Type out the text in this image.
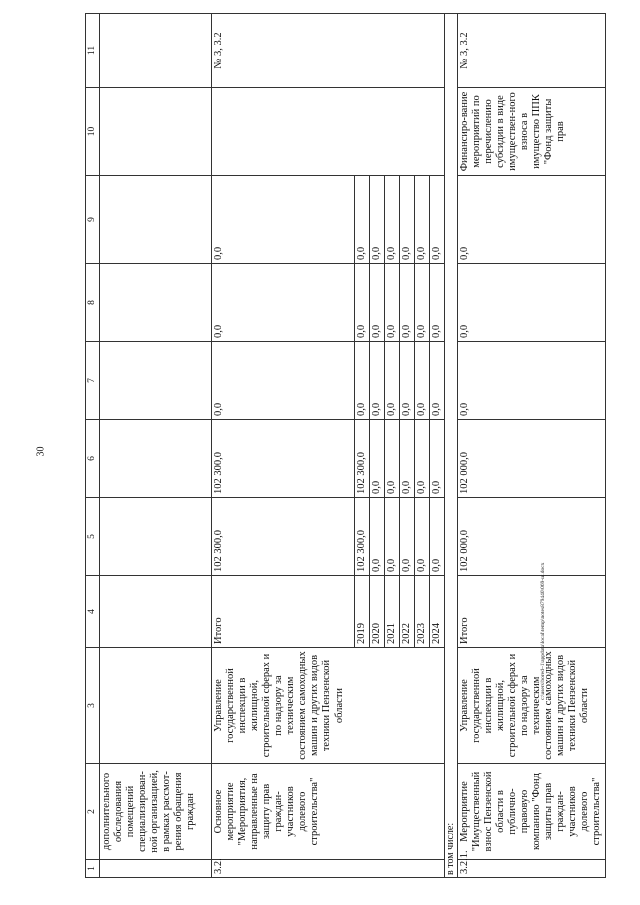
30
1	2	3	4	5	6	7	8	9	10	11
	дополнительного обследования помещений специализирован-ной организацией, в рамках рассмот-рения обращения граждан									
3.2.	Основное мероприятие "Мероприятия, направленные на защиту прав граждан-участников долевого строительства"	Управление государственной инспекции в жилищной, строительной сферах и по надзору за техническим состоянием самоходных машин и других видов техники Пензенской области	Итого	102 300,0	102 300,0	0,0	0,0	0,0		№ 3, 3.2
			2019	102 300,0	102 300,0	0,0	0,0	0,0		
			2020	0,0	0,0	0,0	0,0	0,0		
			2021	0,0	0,0	0,0	0,0	0,0		
			2022	0,0	0,0	0,0	0,0	0,0		
			2023	0,0	0,0	0,0	0,0	0,0		
			2024	0,0	0,0	0,0	0,0	0,0		
в том числе:										
3.2.1.	Мероприятие "Имущественный взнос Пензенской области в публично-правовую компанию "Фонд защиты прав граждан-участников долевого строительства"	Управление государственной инспекции в жилищной, строительной сферах и по надзору за техническим состоянием самоходных машин и других видов техники Пензенской области	Итого	102 000,0	102 000,0	0,0	0,0	0,0	Финансиро-вание мероприятий по перечислению субсидии в виде имуществен-ного взноса в имущество ППК "Фонд защиты прав	№ 3, 3.2
c:\users\bored~1\appdata\local\temp\notes879440\069-ш.docx
